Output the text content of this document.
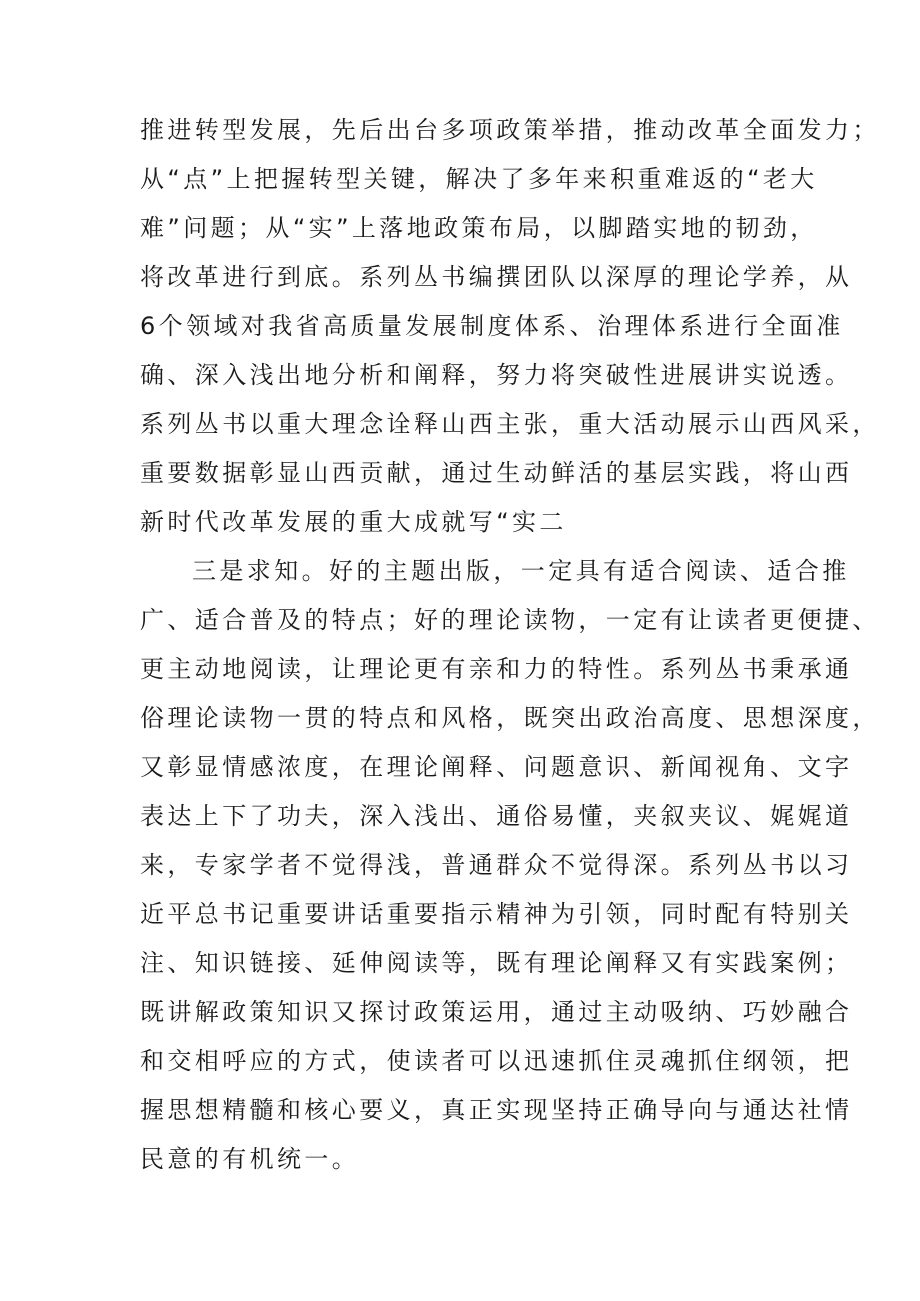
推进转型发展，先后出台多项政策举措，推动改革全面发力；

从“点”上把握转型关键，解决了多年来积重难返的“老大

难”问题；从“实”上落地政策布局，以脚踏实地的韧劲，

将改革进行到底。系列丛书编撰团队以深厚的理论学养，从

6个领域对我省高质量发展制度体系、治理体系进行全面准

确、深入浅出地分析和阐释，努力将突破性进展讲实说透。

系列丛书以重大理念诠释山西主张，重大活动展示山西风采，

重要数据彰显山西贡献，通过生动鲜活的基层实践，将山西

新时代改革发展的重大成就写“实二

三是求知。好的主题出版，一定具有适合阅读、适合推

广、适合普及的特点；好的理论读物，一定有让读者更便捷、

更主动地阅读，让理论更有亲和力的特性。系列丛书秉承通

俗理论读物一贯的特点和风格，既突出政治高度、思想深度，

又彰显情感浓度，在理论阐释、问题意识、新闻视角、文字

表达上下了功夫，深入浅出、通俗易懂，夹叙夹议、娓娓道

来，专家学者不觉得浅，普通群众不觉得深。系列丛书以习

近平总书记重要讲话重要指示精神为引领，同时配有特别关

注、知识链接、延伸阅读等，既有理论阐释又有实践案例；

既讲解政策知识又探讨政策运用，通过主动吸纳、巧妙融合

和交相呼应的方式，使读者可以迅速抓住灵魂抓住纲领，把

握思想精髓和核心要义，真正实现坚持正确导向与通达社情

民意的有机统一。
